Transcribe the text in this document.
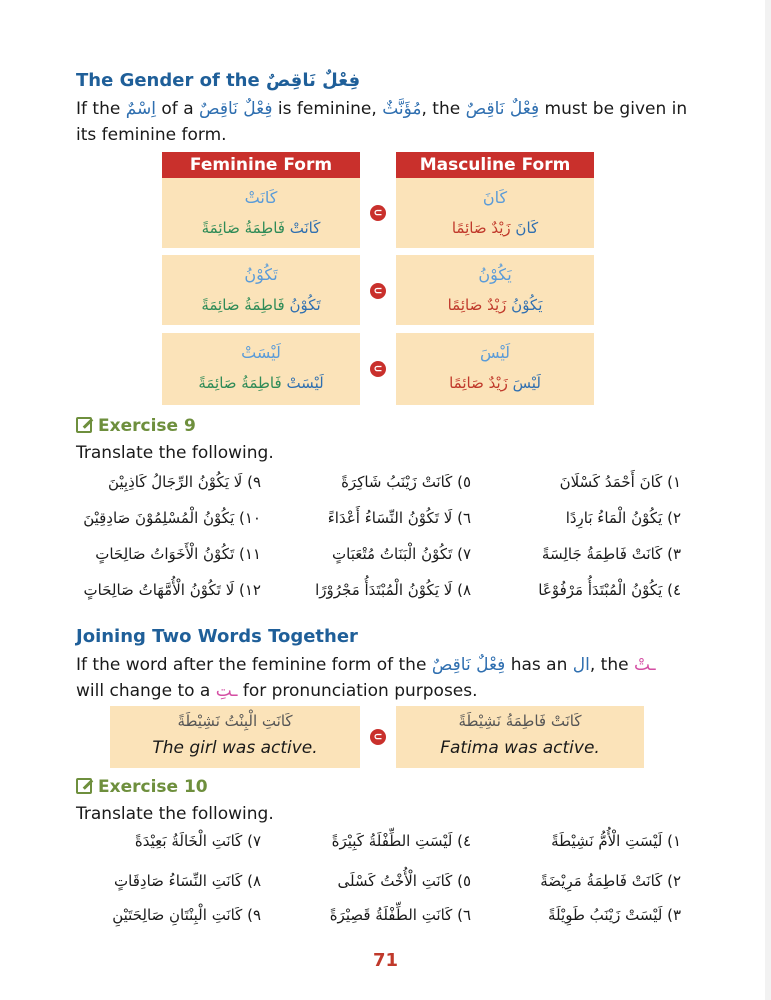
The Gender of the فِعْلٌ نَاقِصٌ
If the اِسْمٌ of a فِعْلٌ نَاقِصٌ is feminine, مُؤَنَّثٌ, the فِعْلٌ نَاقِصٌ must be given in
its feminine form.
Feminine Form	Masculine Form
كَانَتْ
كَانَتْ فَاطِمَةُ صَائِمَةً
⊂
كَانَ
كَانَ زَيْدٌ صَائِمًا
تَكُوْنُ
تَكُوْنُ فَاطِمَةُ صَائِمَةً
⊂
يَكُوْنُ
يَكُوْنُ زَيْدٌ صَائِمًا
لَيْسَتْ
لَيْسَتْ فَاطِمَةُ صَائِمَةً
⊂
لَيْسَ
لَيْسَ زَيْدٌ صَائِمًا
Exercise 9
Translate the following.
١) كَانَ أَحْمَدُ كَسْلَانَ
٥) كَانَتْ زَيْنَبُ شَاكِرَةً
٩) لَا يَكُوْنُ الرِّجَالُ كَاذِبِيْنَ
٢) يَكُوْنُ الْمَاءُ بَارِدًا
٦) لَا تَكُوْنُ النِّسَاءُ أَعْدَاءً
١٠) يَكُوْنُ الْمُسْلِمُوْنَ صَادِقِيْنَ
٣) كَانَتْ فَاطِمَةُ جَالِسَةً
٧) تَكُوْنُ الْبَنَاتُ مُتْعَبَاتٍ
١١) تَكُوْنُ الْأَخَوَاتُ صَالِحَاتٍ
٤) يَكُوْنُ الْمُبْتَدَأُ مَرْفُوْعًا
٨) لَا يَكُوْنُ الْمُبْتَدَأُ مَجْرُوْرًا
١٢) لَا تَكُوْنُ الْأُمَّهَاتُ صَالِحَاتٍ
Joining Two Words Together
If the word after the feminine form of the فِعْلٌ نَاقِصٌ has an ال, the ـتْ
will change to a ـتِ for pronunciation purposes.
كَانَتِ الْبِنْتُ نَشِيْطَةً
The girl was active.
⊂
كَانَتْ فَاطِمَةُ نَشِيْطَةً
Fatima was active.
Exercise 10
Translate the following.
١) لَيْسَتِ الْأُمُّ نَشِيْطَةً
٤) لَيْسَتِ الطِّفْلَةُ كَبِيْرَةً
٧) كَانَتِ الْخَالَةُ بَعِيْدَةً
٢) كَانَتْ فَاطِمَةُ مَرِيْضَةً
٥) كَانَتِ الْأُخْتُ كَسْلَى
٨) كَانَتِ النِّسَاءُ صَادِقَاتٍ
٣) لَيْسَتْ زَيْنَبُ طَوِيْلَةً
٦) كَانَتِ الطِّفْلَةُ قَصِيْرَةً
٩) كَانَتِ الْبِنْتَانِ صَالِحَتَيْنِ
71
